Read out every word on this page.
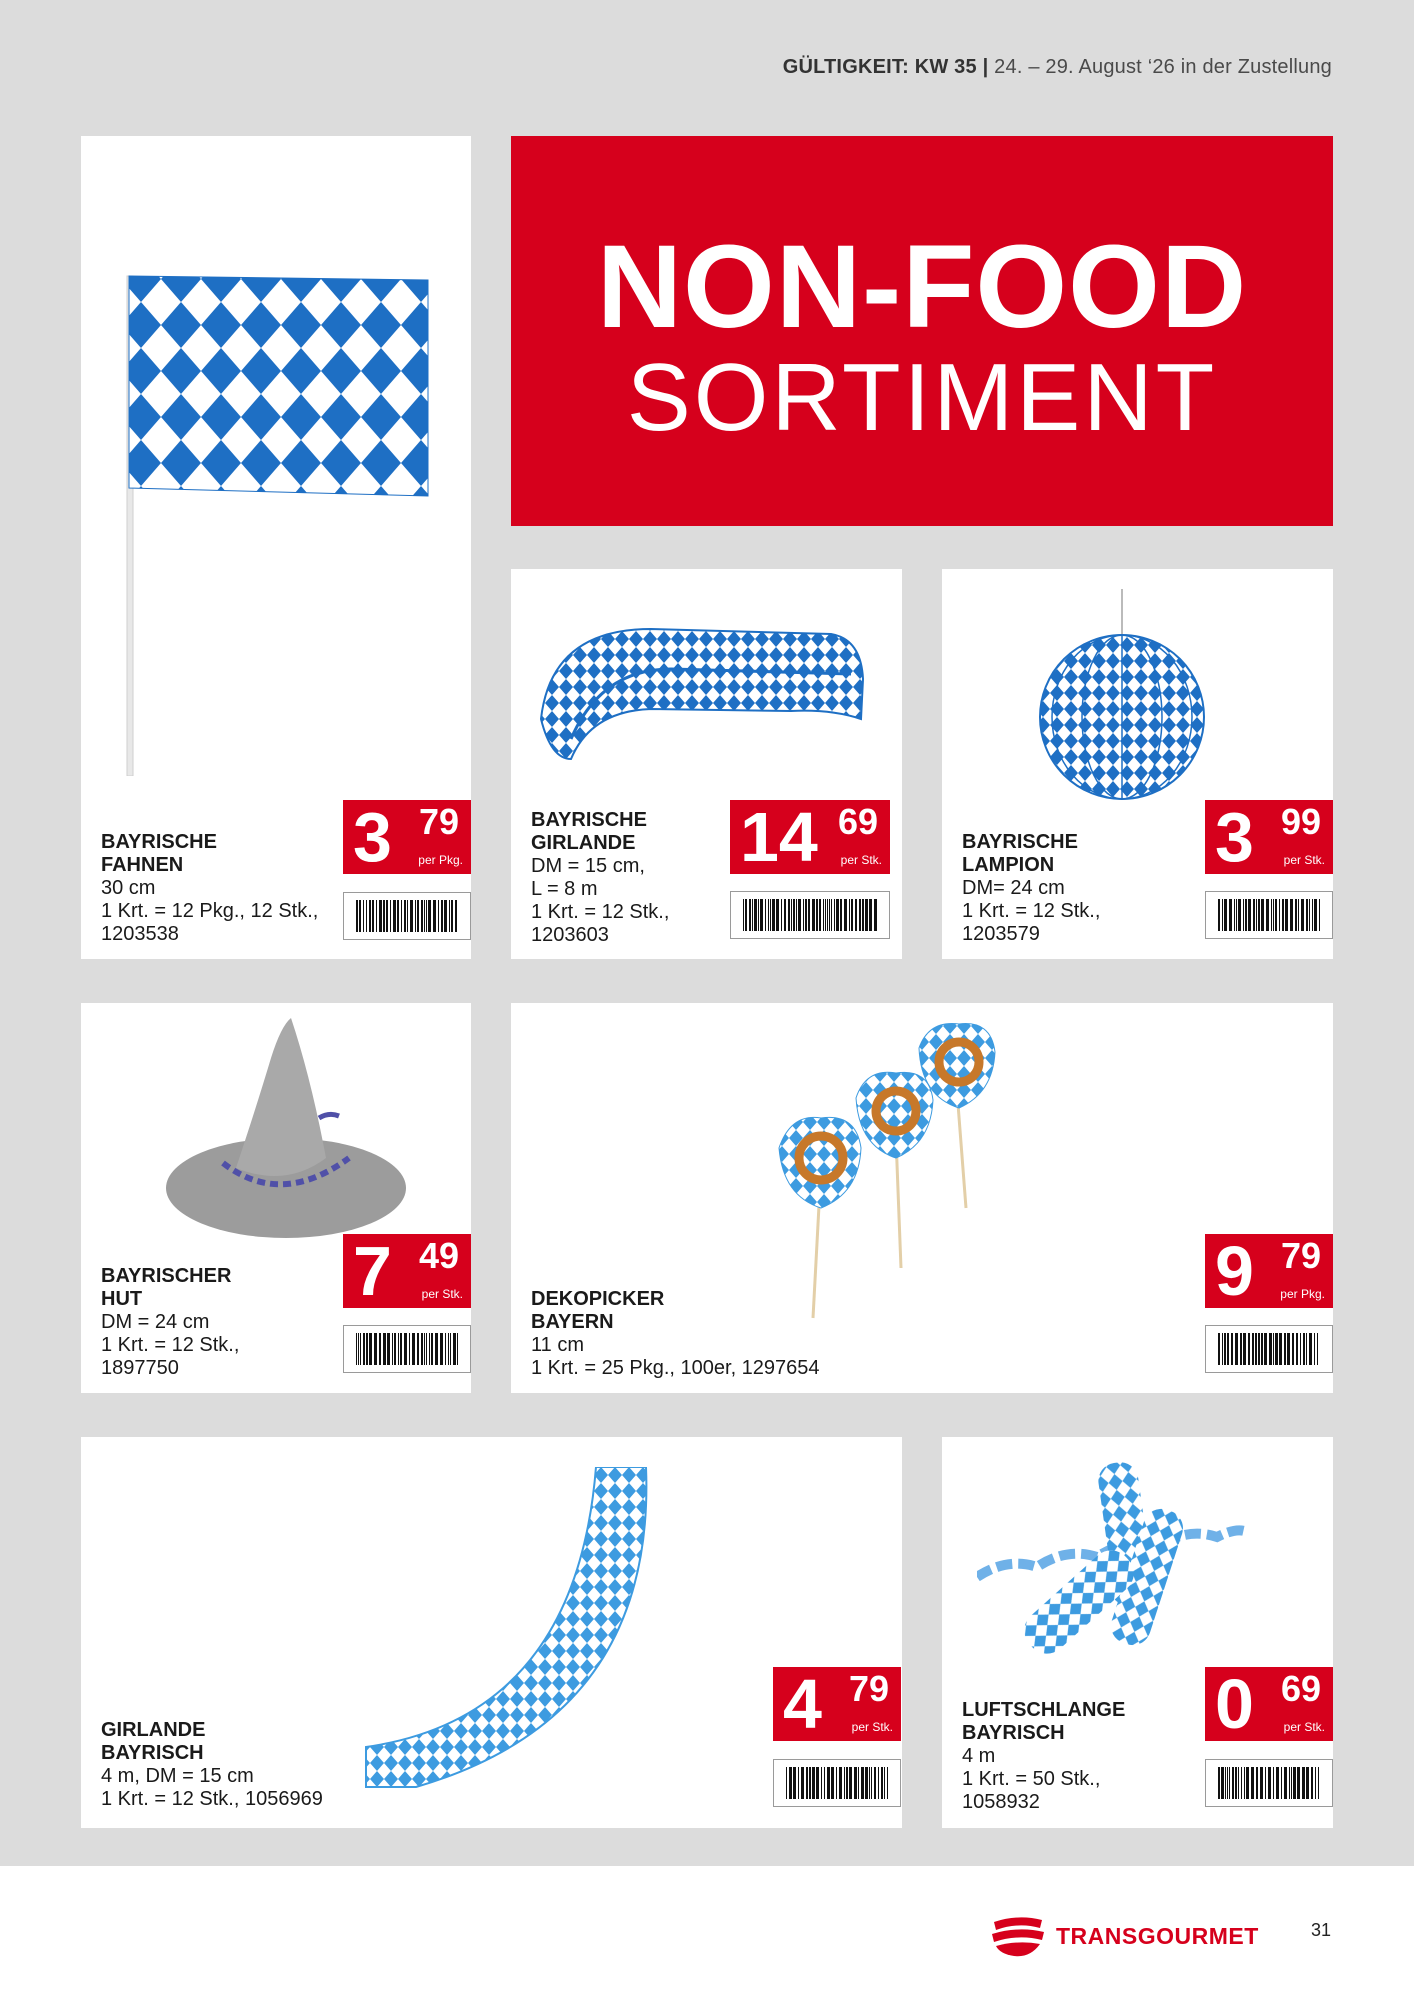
GÜLTIGKEIT: KW 35 | 24. – 29. August ‘26 in der Zustellung
NON-FOOD
SORTIMENT
BAYRISCHE
FAHNEN
30 cm
1 Krt. = 12 Pkg., 12 Stk.,
1203538
3 79
per Pkg.
BAYRISCHE
GIRLANDE
DM = 15 cm,
L = 8 m
1 Krt. = 12 Stk.,
1203603
14 69
per Stk.
BAYRISCHE
LAMPION
DM= 24 cm
1 Krt. = 12 Stk.,
1203579
3 99
per Stk.
BAYRISCHER
HUT
DM = 24 cm
1 Krt. = 12 Stk.,
1897750
7 49
per Stk.	DEKOPICKER
BAYERN
11 cm
1 Krt. = 25 Pkg., 100er, 1297654
9 79
per Pkg.
GIRLANDE
BAYRISCH
4 m, DM = 15 cm
1 Krt. = 12 Stk., 1056969
4 79
per Stk.
LUFTSCHLANGE
BAYRISCH
4 m
1 Krt. = 50 Stk.,
1058932
0 69
per Stk.
TRANSGOURMET	31
